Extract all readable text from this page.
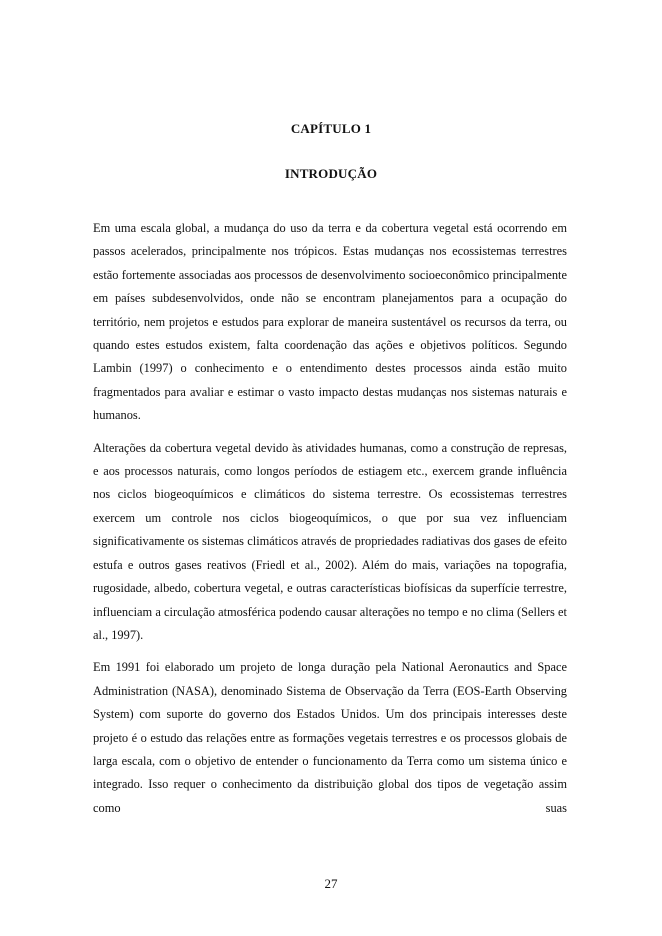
CAPÍTULO 1
INTRODUÇÃO

Em uma escala global, a mudança do uso da terra e da cobertura vegetal está ocorrendo em passos acelerados, principalmente nos trópicos. Estas mudanças nos ecossistemas terrestres estão fortemente associadas aos processos de desenvolvimento socioeconômico principalmente em países subdesenvolvidos, onde não se encontram planejamentos para a ocupação do território, nem projetos e estudos para explorar de maneira sustentável os recursos da terra, ou quando estes estudos existem, falta coordenação das ações e objetivos políticos. Segundo Lambin (1997) o conhecimento e o entendimento destes processos ainda estão muito fragmentados para avaliar e estimar o vasto impacto destas mudanças nos sistemas naturais e humanos.

Alterações da cobertura vegetal devido às atividades humanas, como a construção de represas, e aos processos naturais, como longos períodos de estiagem etc., exercem grande influência nos ciclos biogeoquímicos e climáticos do sistema terrestre. Os ecossistemas terrestres exercem um controle nos ciclos biogeoquímicos, o que por sua vez influenciam significativamente os sistemas climáticos através de propriedades radiativas dos gases de efeito estufa e outros gases reativos (Friedl et al., 2002). Além do mais, variações na topografia, rugosidade, albedo, cobertura vegetal, e outras características biofísicas da superfície terrestre, influenciam a circulação atmosférica podendo causar alterações no tempo e no clima (Sellers et al., 1997).

Em 1991 foi elaborado um projeto de longa duração pela National Aeronautics and Space Administration (NASA), denominado Sistema de Observação da Terra (EOS-Earth Observing System) com suporte do governo dos Estados Unidos. Um dos principais interesses deste projeto é o estudo das relações entre as formações vegetais terrestres e os processos globais de larga escala, com o objetivo de entender o funcionamento da Terra como um sistema único e integrado. Isso requer o conhecimento da distribuição global dos tipos de vegetação assim como suas

27
